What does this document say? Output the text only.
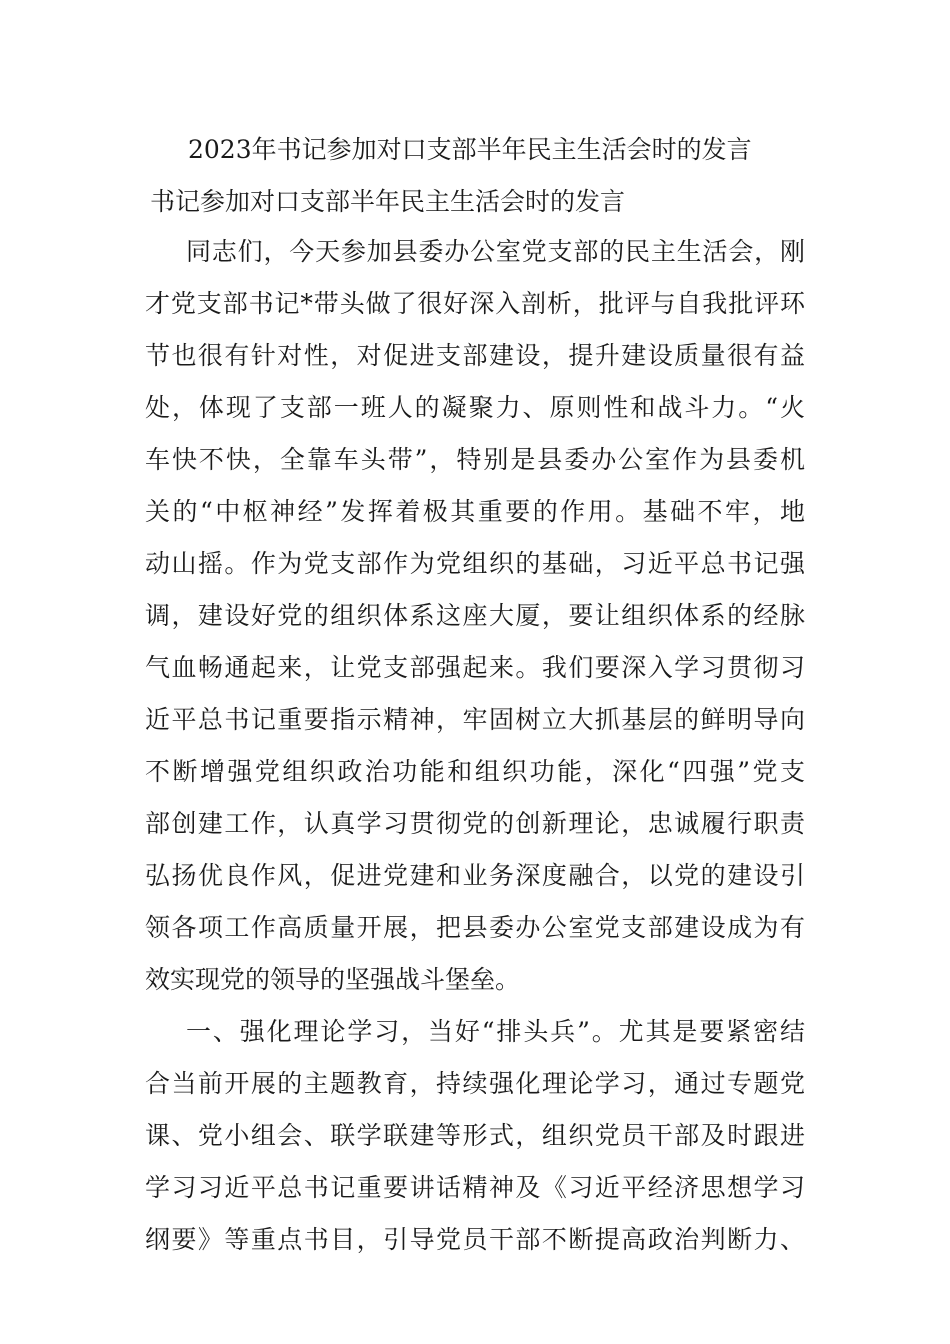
2023年书记参加对口支部半年民主生活会时的发言
书记参加对口支部半年民主生活会时的发言
同志们，今天参加县委办公室党支部的民主生活会，刚
才党支部书记*带头做了很好深入剖析，批评与自我批评环
节也很有针对性，对促进支部建设，提升建设质量很有益
处，体现了支部一班人的凝聚力、原则性和战斗力。“火
车快不快，全靠车头带”，特别是县委办公室作为县委机
关的“中枢神经”发挥着极其重要的作用。基础不牢，地
动山摇。作为党支部作为党组织的基础，习近平总书记强
调，建设好党的组织体系这座大厦，要让组织体系的经脉
气血畅通起来，让党支部强起来。我们要深入学习贯彻习
近平总书记重要指示精神，牢固树立大抓基层的鲜明导向
不断增强党组织政治功能和组织功能，深化“四强”党支
部创建工作，认真学习贯彻党的创新理论，忠诚履行职责
弘扬优良作风，促进党建和业务深度融合，以党的建设引
领各项工作高质量开展，把县委办公室党支部建设成为有
效实现党的领导的坚强战斗堡垒。
一、强化理论学习，当好“排头兵”。尤其是要紧密结
合当前开展的主题教育，持续强化理论学习，通过专题党
课、党小组会、联学联建等形式，组织党员干部及时跟进
学习习近平总书记重要讲话精神及《习近平经济思想学习
纲要》等重点书目，引导党员干部不断提高政治判断力、
